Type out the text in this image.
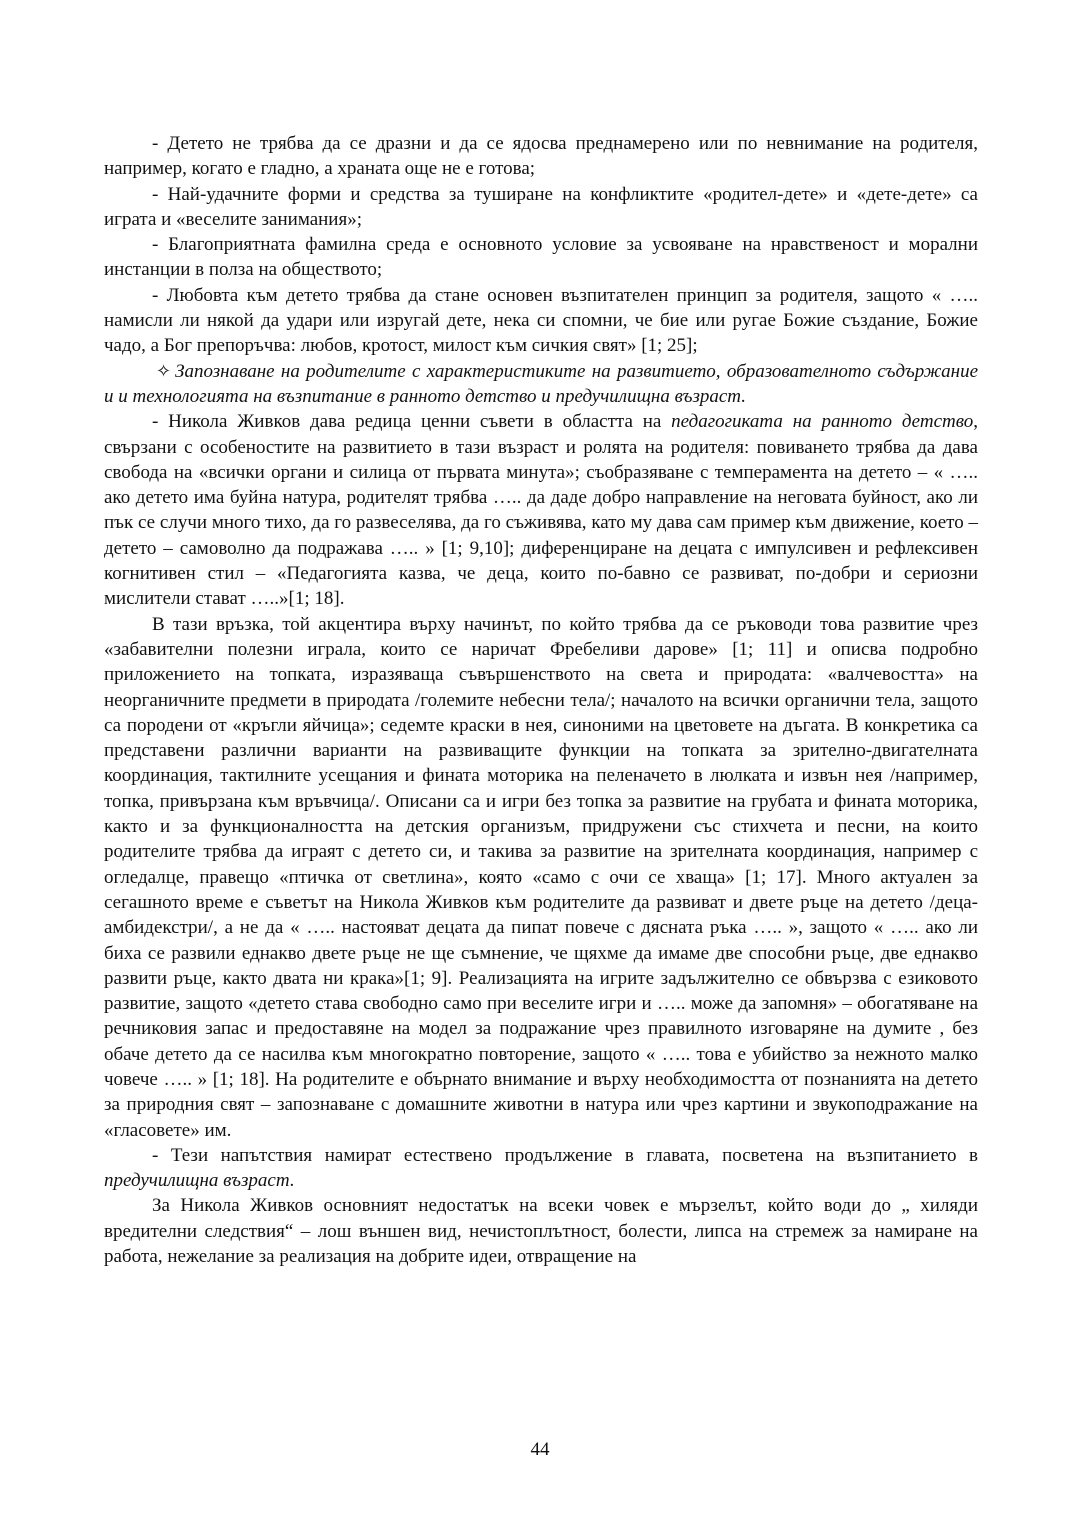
- Детето не трябва да се дразни и да се ядосва преднамерено или по невнимание на родителя, например, когато е гладно, а храната още не е готова;

- Най-удачните форми и средства за туширане на конфликтите «родител-дете» и «дете-дете» са играта и «веселите занимания»;

- Благоприятната фамилна среда е основното условие за усвояване на нравственост и морални инстанции в полза на обществото;

- Любовта към детето трябва да стане основен възпитателен принцип за родителя, защото « ….. намисли ли някой да удари или изругай дете, нека си спомни, че бие или ругае Божие създание, Божие чадо, а Бог препоръчва: любов, кротост, милост към сичкия свят» [1; 25];

✧ Запознаване на родителите с характеристиките на развитието, образователното съдържание и и технологията на възпитание в ранното детство и предучилищна възраст.

- Никола Живков дава редица ценни съвети в областта на педагогиката на ранното детство, свързани с особеностите на развитието в тази възраст и ролята на родителя: повиването трябва да дава свобода на «всички органи и силица от първата минута»; съобразяване с темперамента на детето – « ….. ако детето има буйна натура, родителят трябва ….. да даде добро направление на неговата буйност, ако ли пък се случи много тихо, да го развеселява, да го съживява, като му дава сам пример към движение, което – детето – самоволно да подражава ….. » [1; 9,10]; диференциране на децата с импулсивен и рефлексивен когнитивен стил – «Педагогията казва, че деца, които по-бавно се развиват, по-добри и сериозни мислители стават …..»[1; 18].

В тази връзка, той акцентира върху начинът, по който трябва да се ръководи това развитие чрез «забавителни полезни играла, които се наричат Фребеливи дарове» [1; 11] и описва подробно приложението на топката, изразяваща съвършенството на света и природата: «валчевостта» на неорганичните предмети в природата /големите небесни тела/; началото на всички органични тела, защото са породени от «кръгли яйчица»; седемте краски в нея, синоними на цветовете на дъгата. В конкретика са представени различни варианти на развиващите функции на топката за зрително-двигателната координация, тактилните усещания и фината моторика на пеленачето в люлката и извън нея /например, топка, привързана към връвчица/. Описани са и игри без топка за развитие на грубата и фината моторика, както и за функционалността на детския организъм, придружени със стихчета и песни, на които родителите трябва да играят с детето си, и такива за развитие на зрителната координация, например с огледалце, правещо «птичка от светлина», която «само с очи се хваща» [1; 17]. Много актуален за сегашното време е съветът на Никола Живков към родителите да развиват и двете ръце на детето /деца-амбидекстри/, а не да « ….. настояват децата да пипат повече с дясната ръка ….. », защото « ….. ако ли биха се развили еднакво двете ръце не ще съмнение, че щяхме да имаме две способни ръце, две еднакво развити ръце, както двата ни крака»[1; 9]. Реализацията на игрите задължително се обвързва с езиковото развитие, защото «детето става свободно само при веселите игри и ….. може да запомня» – обогатяване на речниковия запас и предоставяне на модел за подражание чрез правилното изговаряне на думите , без обаче детето да се насилва към многократно повторение, защото « ….. това е убийство за нежното малко човече ….. » [1; 18]. На родителите е обърнато внимание и върху необходимостта от познанията на детето за природния свят – запознаване с домашните животни в натура или чрез картини и звукоподражание на «гласовете» им.

- Тези напътствия намират естествено продължение в главата, посветена на възпитанието в предучилищна възраст.

За Никола Живков основният недостатък на всеки човек е мързелът, който води до „ хиляди вредителни следствия“ – лош външен вид, нечистоплътност, болести, липса на стремеж за намиране на работа, нежелание за реализация на добрите идеи, отвращение на

44
